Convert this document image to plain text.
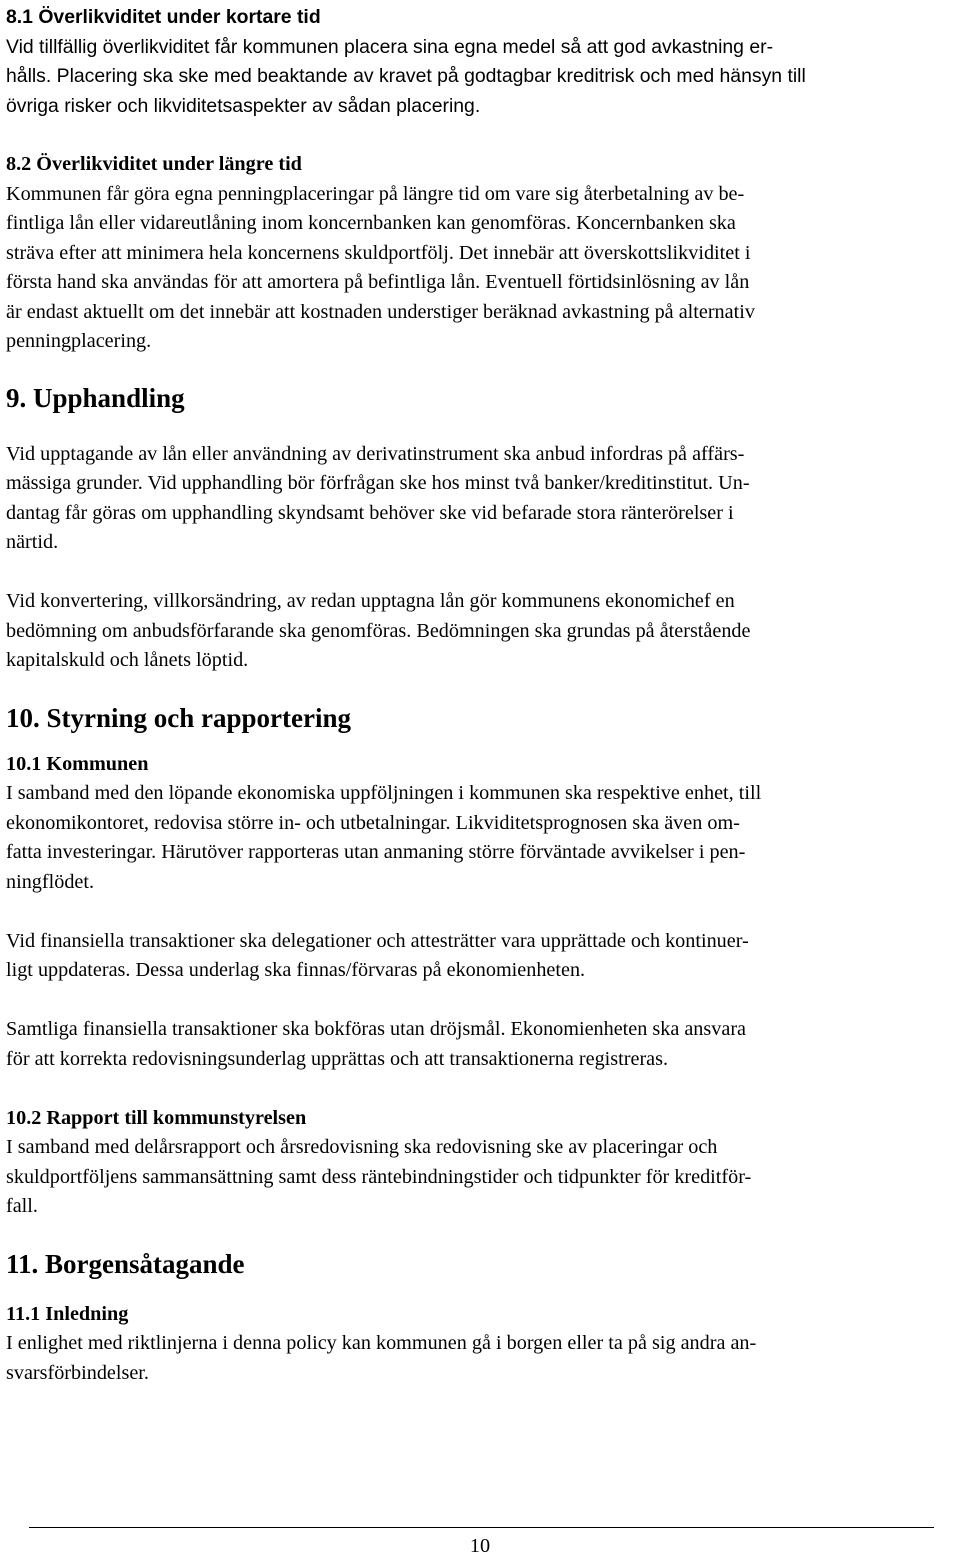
8.1 Överlikviditet under kortare tid

Vid tillfällig överlikviditet får kommunen placera sina egna medel så att god avkastning er-
hålls. Placering ska ske med beaktande av kravet på godtagbar kreditrisk och med hänsyn till
övriga risker och likviditetsaspekter av sådan placering.

8.2 Överlikviditet under längre tid

Kommunen får göra egna penningplaceringar på längre tid om vare sig återbetalning av be-
fintliga lån eller vidareutlåning inom koncernbanken kan genomföras. Koncernbanken ska
sträva efter att minimera hela koncernens skuldportfölj. Det innebär att överskottslikviditet i
första hand ska användas för att amortera på befintliga lån. Eventuell förtidsinlösning av lån
är endast aktuellt om det innebär att kostnaden understiger beräknad avkastning på alternativ
penningplacering.

9. Upphandling

Vid upptagande av lån eller användning av derivatinstrument ska anbud infordras på affärs-
mässiga grunder. Vid upphandling bör förfrågan ske hos minst två banker/kreditinstitut. Un-
dantag får göras om upphandling skyndsamt behöver ske vid befarade stora ränterörelser i
närtid.

Vid konvertering, villkorsändring, av redan upptagna lån gör kommunens ekonomichef en
bedömning om anbudsförfarande ska genomföras. Bedömningen ska grundas på återstående
kapitalskuld och lånets löptid.

10. Styrning och rapportering
10.1 Kommunen

I samband med den löpande ekonomiska uppföljningen i kommunen ska respektive enhet, till
ekonomikontoret, redovisa större in- och utbetalningar. Likviditetsprognosen ska även om-
fatta investeringar. Härutöver rapporteras utan anmaning större förväntade avvikelser i pen-
ningflödet.

Vid finansiella transaktioner ska delegationer och attesträtter vara upprättade och kontinuer-
ligt uppdateras. Dessa underlag ska finnas/förvaras på ekonomienheten.

Samtliga finansiella transaktioner ska bokföras utan dröjsmål. Ekonomienheten ska ansvara
för att korrekta redovisningsunderlag upprättas och att transaktionerna registreras.

10.2 Rapport till kommunstyrelsen

I samband med delårsrapport och årsredovisning ska redovisning ske av placeringar och
skuldportföljens sammansättning samt dess räntebindningstider och tidpunkter för kreditför-
fall.

11. Borgensåtagande
11.1 Inledning

I enlighet med riktlinjerna i denna policy kan kommunen gå i borgen eller ta på sig andra an-
svarsförbindelser.

10
